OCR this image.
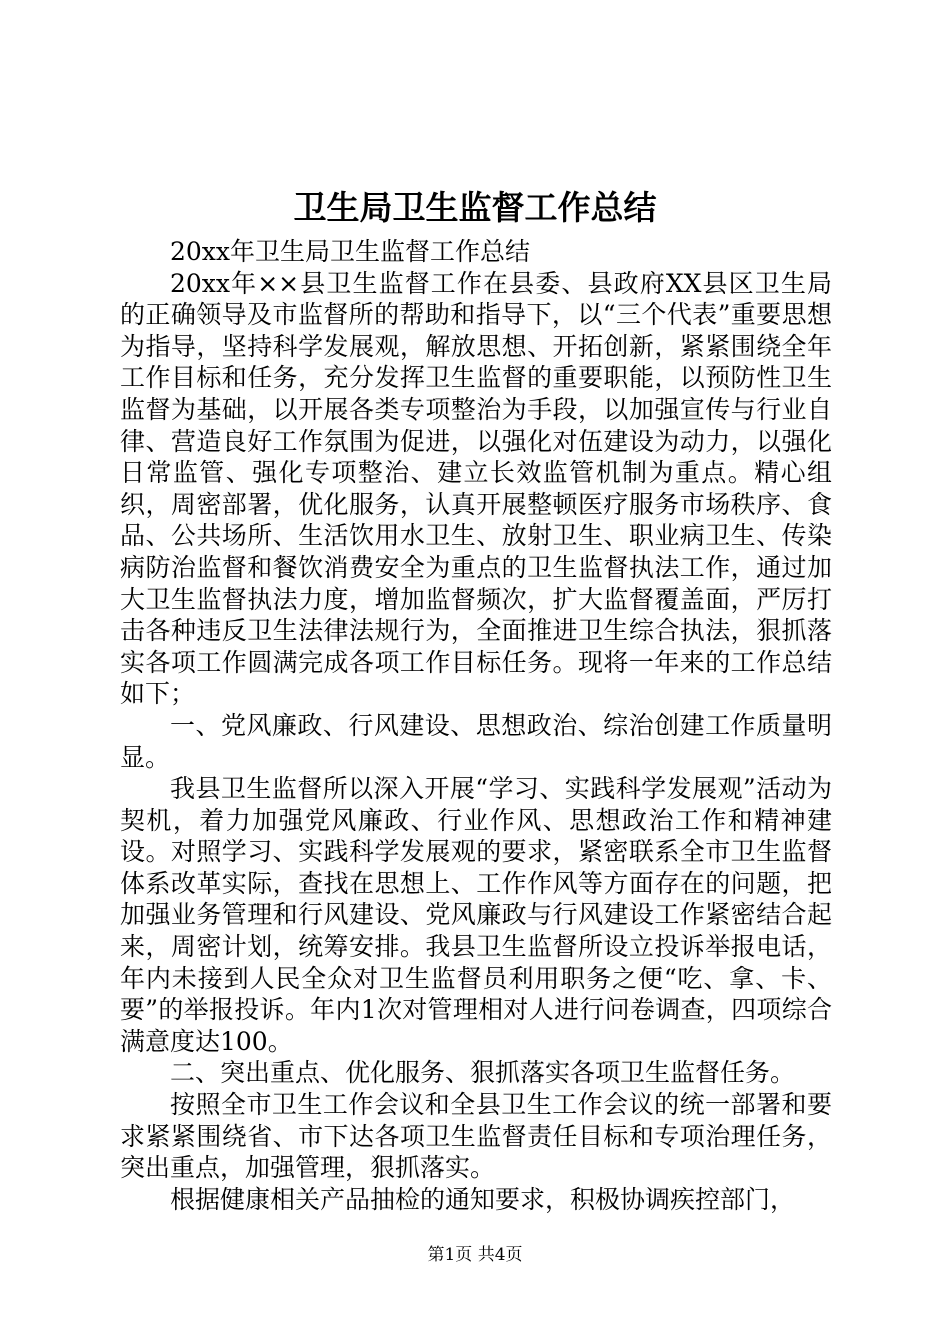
卫生局卫生监督工作总结

20xx年卫生局卫生监督工作总结

20xx年××县卫生监督工作在县委、县政府XX县区卫生局的正确领导及市监督所的帮助和指导下，以“三个代表”重要思想为指导，坚持科学发展观，解放思想、开拓创新，紧紧围绕全年工作目标和任务，充分发挥卫生监督的重要职能，以预防性卫生监督为基础，以开展各类专项整治为手段，以加强宣传与行业自律、营造良好工作氛围为促进，以强化对伍建设为动力，以强化日常监管、强化专项整治、建立长效监管机制为重点。精心组织，周密部署，优化服务，认真开展整顿医疗服务市场秩序、食品、公共场所、生活饮用水卫生、放射卫生、职业病卫生、传染病防治监督和餐饮消费安全为重点的卫生监督执法工作，通过加大卫生监督执法力度，增加监督频次，扩大监督覆盖面，严厉打击各种违反卫生法律法规行为，全面推进卫生综合执法，狠抓落实各项工作圆满完成各项工作目标任务。现将一年来的工作总结如下；

一、党风廉政、行风建设、思想政治、综治创建工作质量明显。

我县卫生监督所以深入开展“学习、实践科学发展观”活动为契机，着力加强党风廉政、行业作风、思想政治工作和精神建设。对照学习、实践科学发展观的要求，紧密联系全市卫生监督体系改革实际，查找在思想上、工作作风等方面存在的问题，把加强业务管理和行风建设、党风廉政与行风建设工作紧密结合起来，周密计划，统筹安排。我县卫生监督所设立投诉举报电话，年内未接到人民全众对卫生监督员利用职务之便“吃、拿、卡、要”的举报投诉。年内1次对管理相对人进行问卷调查，四项综合满意度达100。

二、突出重点、优化服务、狠抓落实各项卫生监督任务。

按照全市卫生工作会议和全县卫生工作会议的统一部署和要求紧紧围绕省、市下达各项卫生监督责任目标和专项治理任务，突出重点，加强管理，狠抓落实。

根据健康相关产品抽检的通知要求，积极协调疾控部门，

第1页 共4页
